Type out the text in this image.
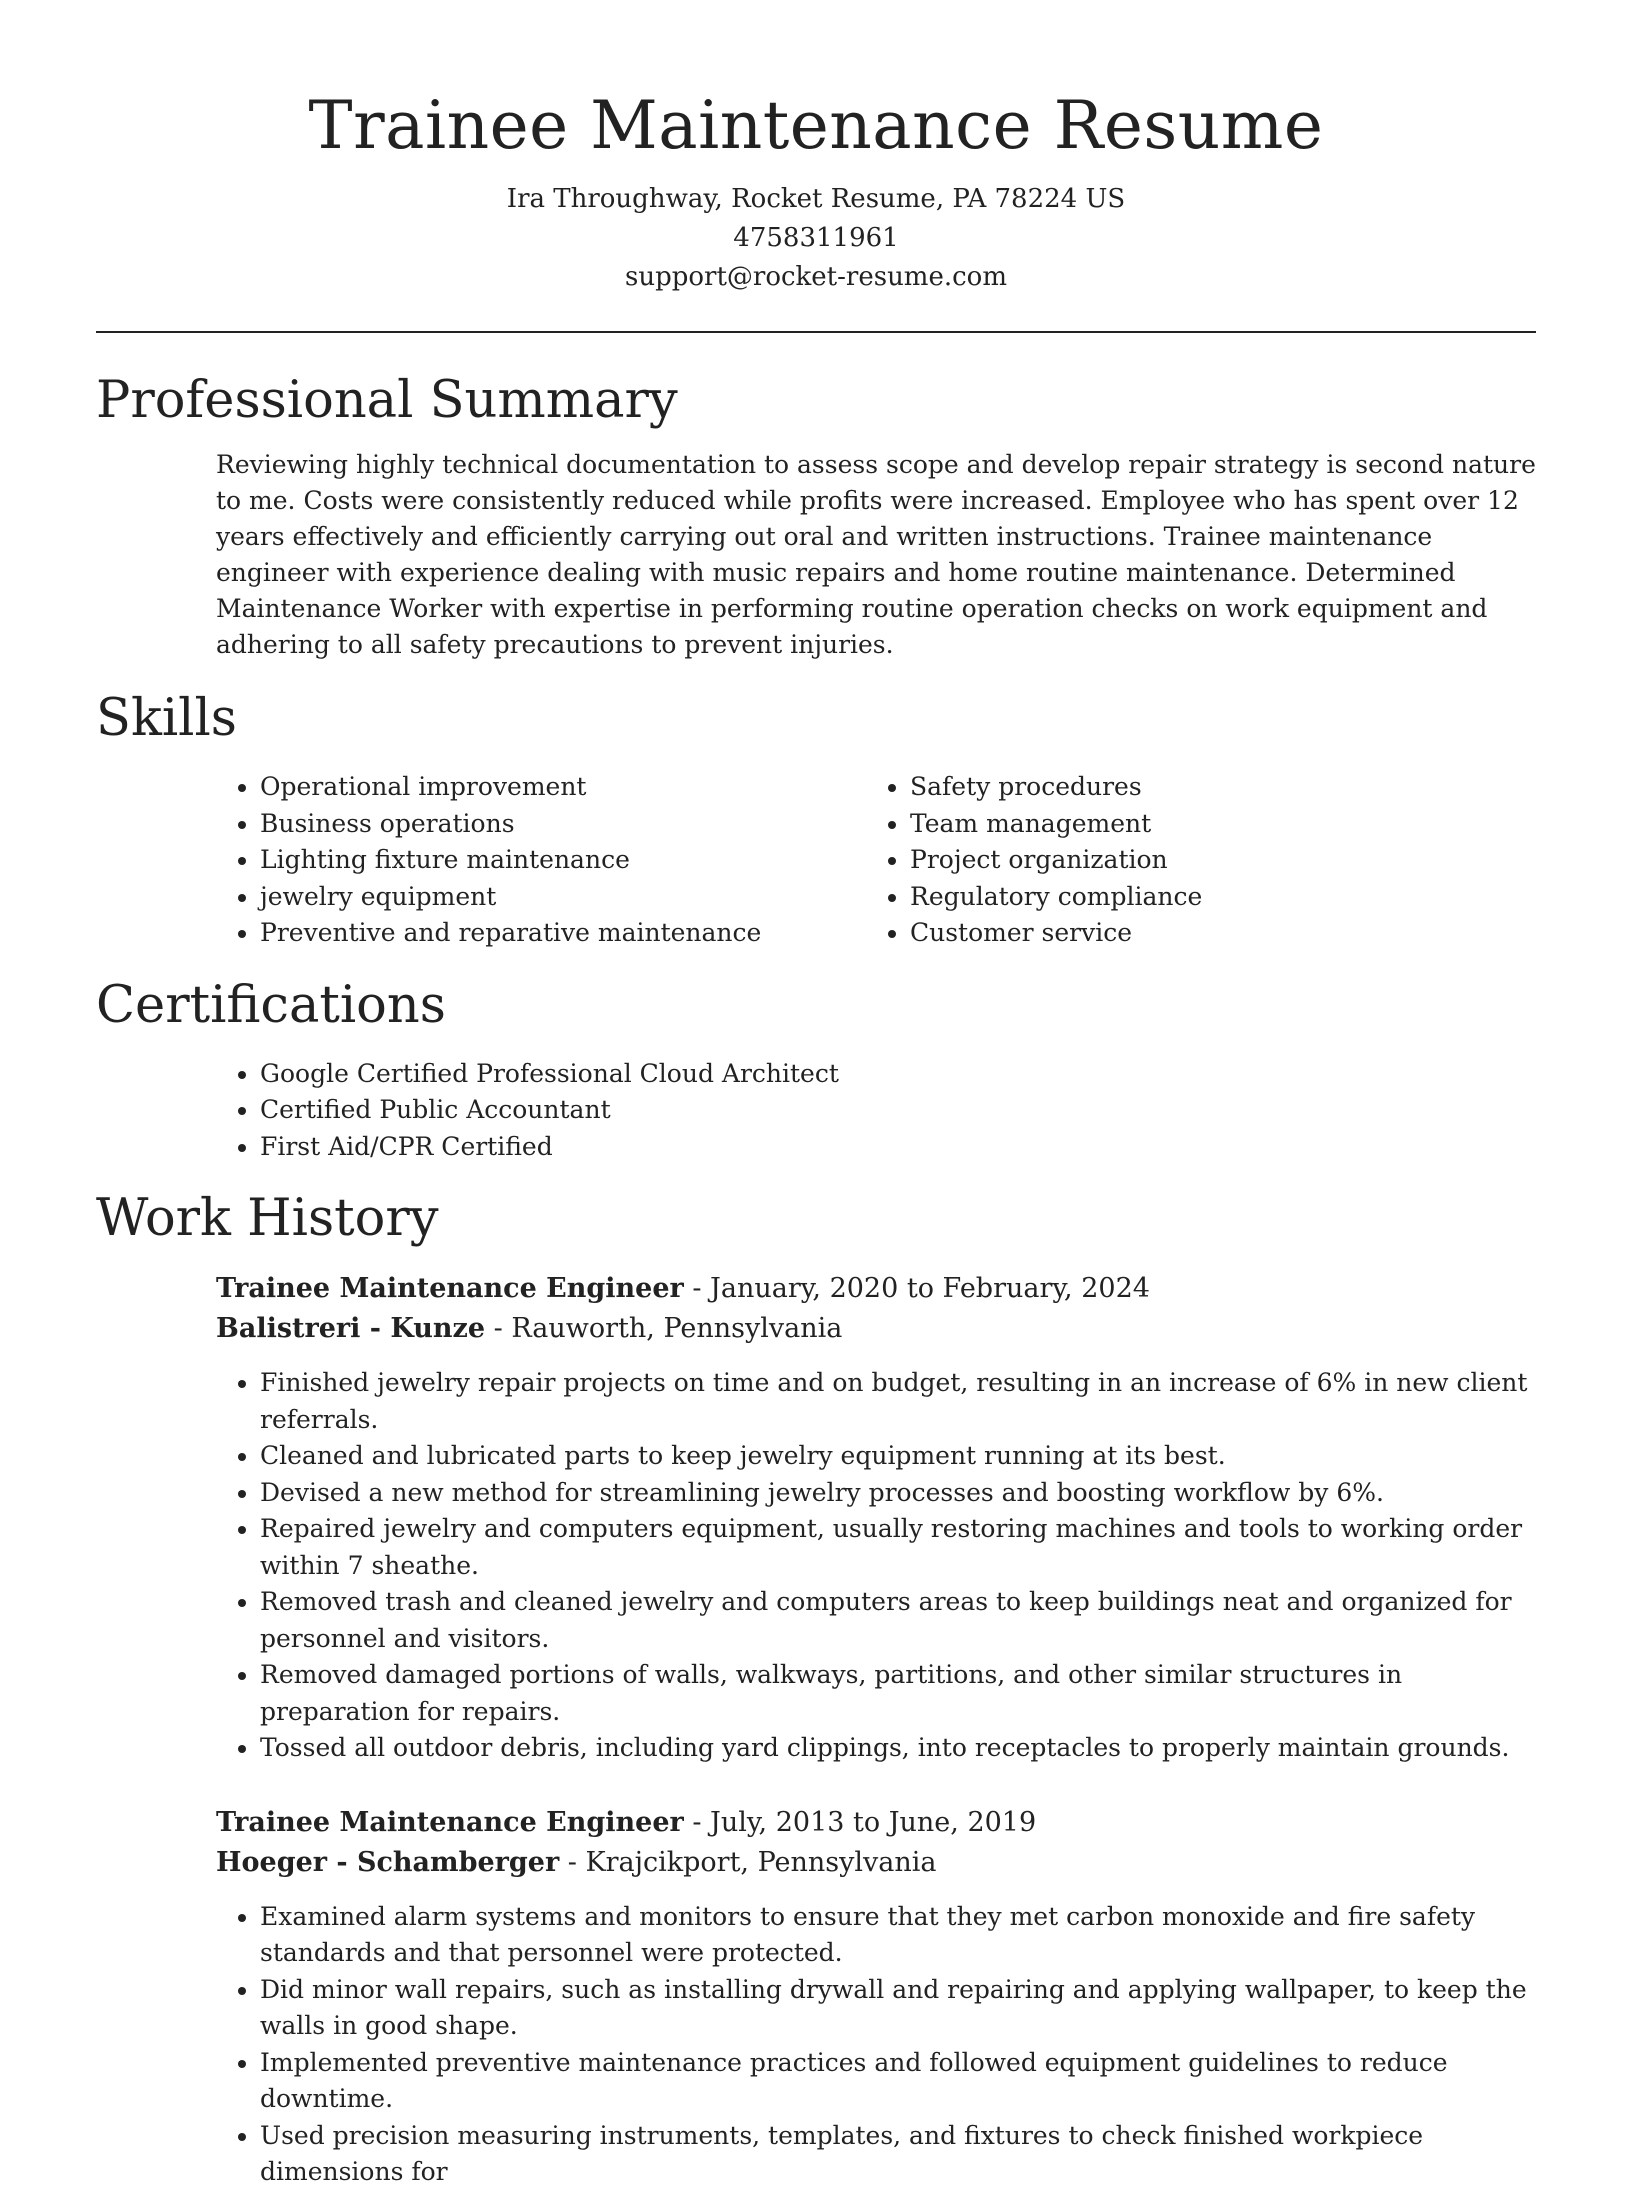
Trainee Maintenance Resume
Ira Throughway, Rocket Resume, PA 78224 US
4758311961
support@rocket-resume.com
Professional Summary

Reviewing highly technical documentation to assess scope and develop repair strategy is second nature to me. Costs were consistently reduced while profits were increased. Employee who has spent over 12 years effectively and efficiently carrying out oral and written instructions. Trainee maintenance engineer with experience dealing with music repairs and home routine maintenance. Determined Maintenance Worker with expertise in performing routine operation checks on work equipment and adhering to all safety precautions to prevent injuries.

Skills
• Operational improvement
• Business operations
• Lighting fixture maintenance
• jewelry equipment
• Preventive and reparative maintenance
• Safety procedures
• Team management
• Project organization
• Regulatory compliance
• Customer service
Certifications
• Google Certified Professional Cloud Architect
• Certified Public Accountant
• First Aid/CPR Certified
Work History
Trainee Maintenance Engineer - January, 2020 to February, 2024
Balistreri - Kunze - Rauworth, Pennsylvania
• Finished jewelry repair projects on time and on budget, resulting in an increase of 6% in new client referrals.
• Cleaned and lubricated parts to keep jewelry equipment running at its best.
• Devised a new method for streamlining jewelry processes and boosting workflow by 6%.
• Repaired jewelry and computers equipment, usually restoring machines and tools to working order within 7 sheathe.
• Removed trash and cleaned jewelry and computers areas to keep buildings neat and organized for personnel and visitors.
• Removed damaged portions of walls, walkways, partitions, and other similar structures in preparation for repairs.
• Tossed all outdoor debris, including yard clippings, into receptacles to properly maintain grounds.
Trainee Maintenance Engineer - July, 2013 to June, 2019
Hoeger - Schamberger - Krajcikport, Pennsylvania
• Examined alarm systems and monitors to ensure that they met carbon monoxide and fire safety standards and that personnel were protected.
• Did minor wall repairs, such as installing drywall and repairing and applying wallpaper, to keep the walls in good shape.
• Implemented preventive maintenance practices and followed equipment guidelines to reduce downtime.
• Used precision measuring instruments, templates, and fixtures to check finished workpiece dimensions for
